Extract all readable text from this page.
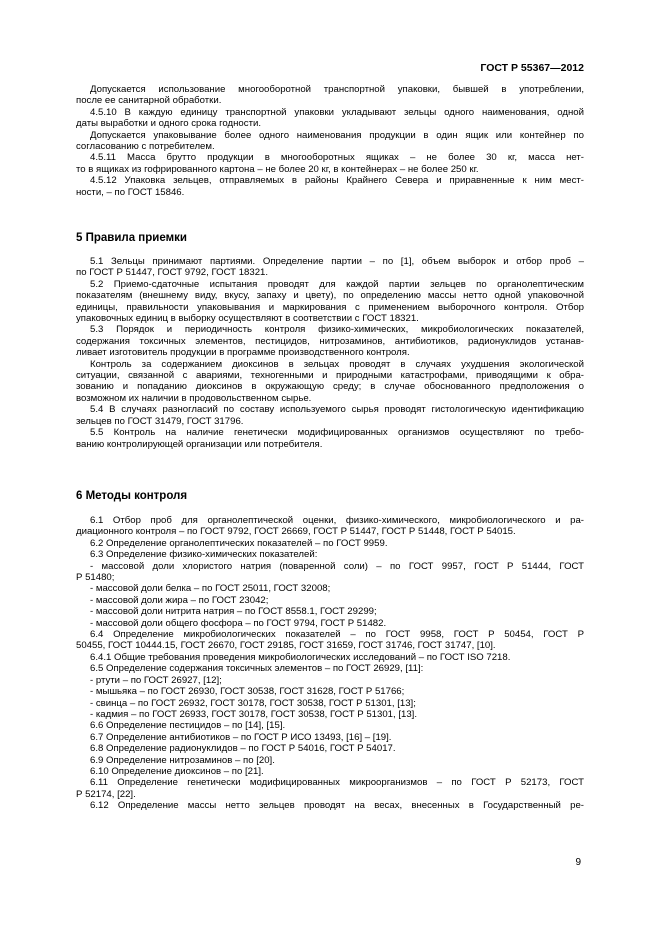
ГОСТ Р 55367—2012
Допускается использование многооборотной транспортной упаковки, бывшей в употреблении,
после ее санитарной обработки.
4.5.10 В каждую единицу транспортной упаковки укладывают зельцы одного наименования, одной
даты выработки и одного срока годности.
Допускается упаковывание более одного наименования продукции в один ящик или контейнер по
согласованию с потребителем.
4.5.11 Масса брутто продукции в многооборотных ящиках – не более 30 кг, масса нет-
то в ящиках из гофрированного картона – не более 20 кг, в контейнерах – не более 250 кг.
4.5.12 Упаковка зельцев, отправляемых в районы Крайнего Севера и приравненные к ним мест-
ности, – по ГОСТ 15846.
5 Правила приемки
5.1 Зельцы принимают партиями. Определение партии – по [1], объем выборок и отбор проб –
по ГОСТ Р 51447, ГОСТ 9792, ГОСТ 18321.
5.2 Приемо-сдаточные испытания проводят для каждой партии зельцев по органолептическим
показателям (внешнему виду, вкусу, запаху и цвету), по определению массы нетто одной упаковочной
единицы, правильности упаковывания и маркирования с применением выборочного контроля. Отбор
упаковочных единиц в выборку осуществляют в соответствии с ГОСТ 18321.
5.3 Порядок и периодичность контроля физико-химических, микробиологических показателей,
содержания токсичных элементов, пестицидов, нитрозаминов, антибиотиков, радионуклидов устанав-
ливает изготовитель продукции в программе производственного контроля.
Контроль за содержанием диоксинов в зельцах проводят в случаях ухудшения экологической
ситуации, связанной с авариями, техногенными и природными катастрофами, приводящими к обра-
зованию и попаданию диоксинов в окружающую среду; в случае обоснованного предположения о
возможном их наличии в продовольственном сырье.
5.4 В случаях разногласий по составу используемого сырья проводят гистологическую идентификацию
зельцев по ГОСТ 31479, ГОСТ 31796.
5.5 Контроль на наличие генетически модифицированных организмов осуществляют по требо-
ванию контролирующей организации или потребителя.
6 Методы контроля
6.1 Отбор проб для органолептической оценки, физико-химического, микробиологического и ра-
диационного контроля – по ГОСТ 9792, ГОСТ 26669, ГОСТ Р 51447, ГОСТ Р 51448, ГОСТ Р 54015.
6.2 Определение органолептических показателей – по ГОСТ 9959.
6.3 Определение физико-химических показателей:
- массовой доли хлористого натрия (поваренной соли) – по ГОСТ 9957, ГОСТ Р 51444, ГОСТ
Р 51480;
- массовой доли белка – по ГОСТ 25011, ГОСТ 32008;
- массовой доли жира – по ГОСТ 23042;
- массовой доли нитрита натрия – по ГОСТ 8558.1, ГОСТ 29299;
- массовой доли общего фосфора – по ГОСТ 9794, ГОСТ Р 51482.
6.4 Определение микробиологических показателей – по ГОСТ 9958, ГОСТ Р 50454, ГОСТ Р
50455, ГОСТ 10444.15, ГОСТ 26670, ГОСТ 29185, ГОСТ 31659, ГОСТ 31746, ГОСТ 31747, [10].
6.4.1 Общие требования проведения микробиологических исследований – по ГОСТ ISO 7218.
6.5 Определение содержания токсичных элементов – по ГОСТ 26929, [11]:
- ртути – по ГОСТ 26927, [12];
- мышьяка – по ГОСТ 26930, ГОСТ 30538, ГОСТ 31628, ГОСТ Р 51766;
- свинца – по ГОСТ 26932, ГОСТ 30178, ГОСТ 30538, ГОСТ Р 51301, [13];
- кадмия – по ГОСТ 26933, ГОСТ 30178, ГОСТ 30538, ГОСТ Р 51301, [13].
6.6 Определение пестицидов – по [14], [15].
6.7 Определение антибиотиков – по ГОСТ Р ИСО 13493, [16] – [19].
6.8 Определение радионуклидов – по ГОСТ Р 54016, ГОСТ Р 54017.
6.9 Определение нитрозаминов – по [20].
6.10 Определение диоксинов – по [21].
6.11 Определение генетически модифицированных микроорганизмов – по ГОСТ Р 52173, ГОСТ
Р 52174, [22].
6.12 Определение массы нетто зельцев проводят на весах, внесенных в Государственный ре-
9
